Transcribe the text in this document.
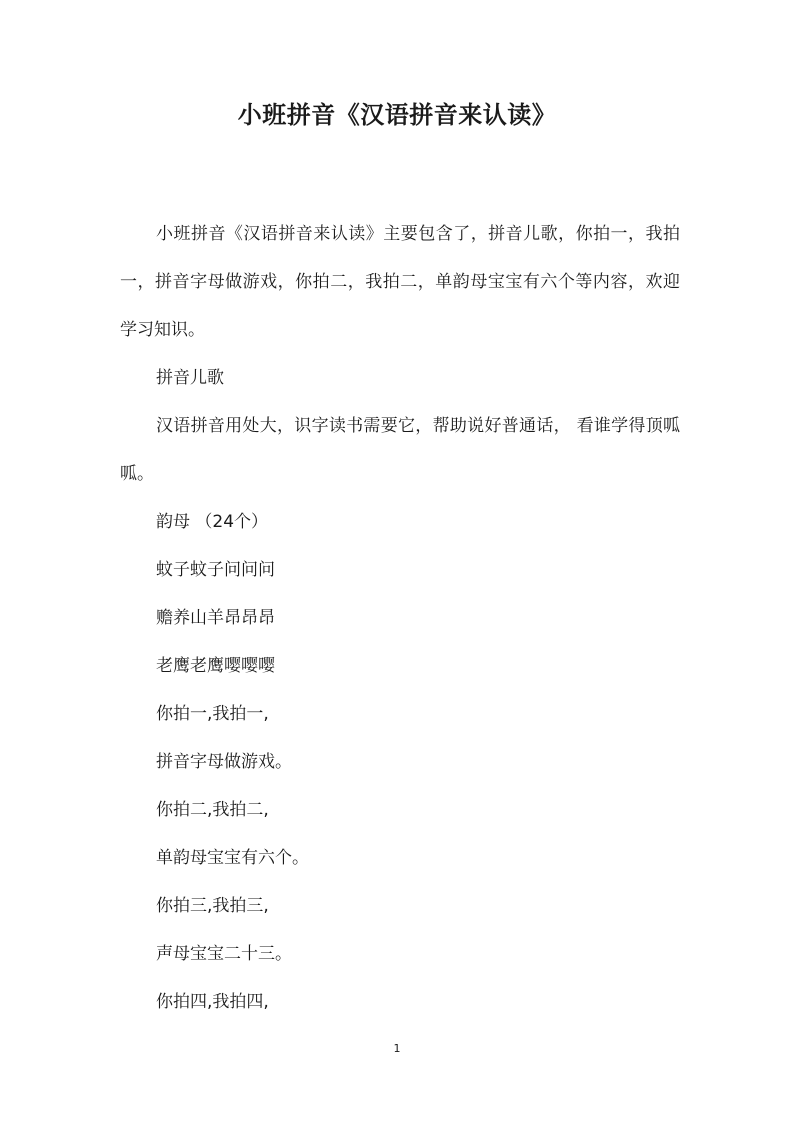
小班拼音《汉语拼音来认读》

小班拼音《汉语拼音来认读》主要包含了，拼音儿歌，你拍一，我拍一，拼音字母做游戏，你拍二，我拍二，单韵母宝宝有六个等内容，欢迎学习知识。

拼音儿歌

汉语拼音用处大，识字读书需要它，帮助说好普通话， 看谁学得顶呱呱。

韵母 （24个）

蚊子蚊子问问问

赡养山羊昂昂昂

老鹰老鹰嘤嘤嘤

你拍一,我拍一,

拼音字母做游戏。

你拍二,我拍二,

单韵母宝宝有六个。

你拍三,我拍三,

声母宝宝二十三。

你拍四,我拍四,

1
